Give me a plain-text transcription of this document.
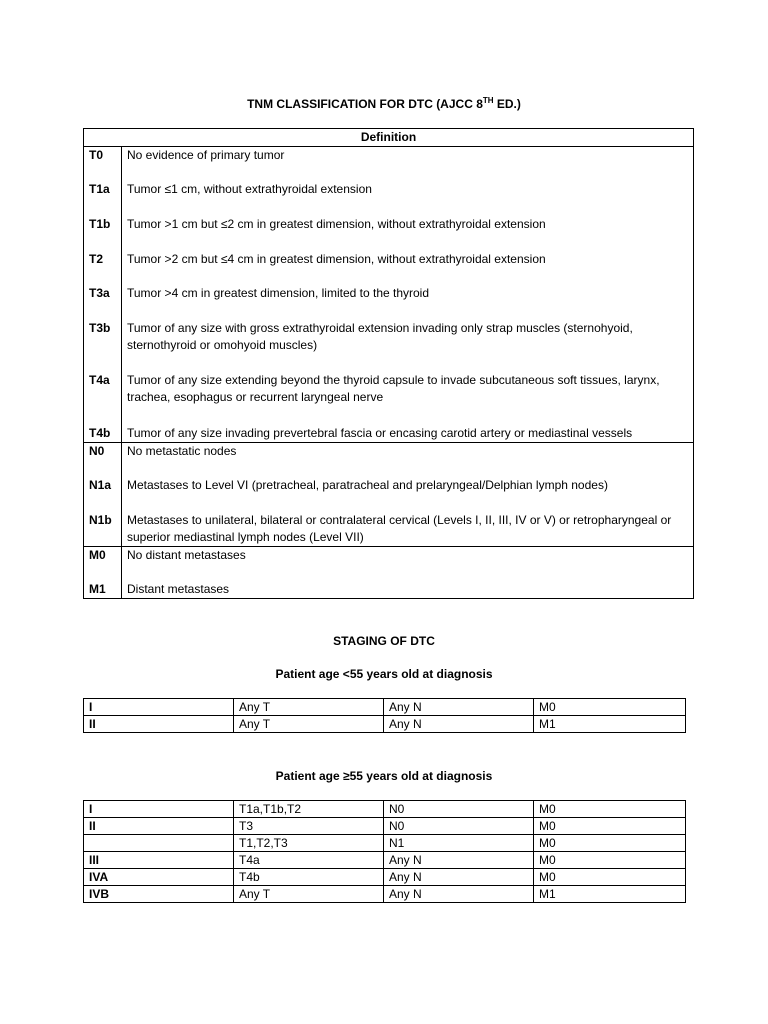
TNM CLASSIFICATION FOR DTC (AJCC 8TH ED.)
Definition
T0 No evidence of primary tumor
T1a Tumor ≤1 cm, without extrathyroidal extension
T1b Tumor >1 cm but ≤2 cm in greatest dimension, without extrathyroidal extension
T2 Tumor >2 cm but ≤4 cm in greatest dimension, without extrathyroidal extension
T3a Tumor >4 cm in greatest dimension, limited to the thyroid
T3b Tumor of any size with gross extrathyroidal extension invading only strap muscles (sternohyoid, sternothyroid or omohyoid muscles)
T4a Tumor of any size extending beyond the thyroid capsule to invade subcutaneous soft tissues, larynx, trachea, esophagus or recurrent laryngeal nerve
T4b Tumor of any size invading prevertebral fascia or encasing carotid artery or mediastinal vessels
N0 No metastatic nodes
N1a Metastases to Level VI (pretracheal, paratracheal and prelaryngeal/Delphian lymph nodes)
N1b Metastases to unilateral, bilateral or contralateral cervical (Levels I, II, III, IV or V) or retropharyngeal or superior mediastinal lymph nodes (Level VII)
M0 No distant metastases
M1 Distant metastases
STAGING OF DTC
Patient age <55 years old at diagnosis
I	Any T	Any N	M0
II	Any T	Any N	M1
Patient age ≥55 years old at diagnosis
I	T1a,T1b,T2	N0	M0
II	T3	N0	M0
	T1,T2,T3	N1	M0
III	T4a	Any N	M0
IVA	T4b	Any N	M0
IVB	Any T	Any N	M1
